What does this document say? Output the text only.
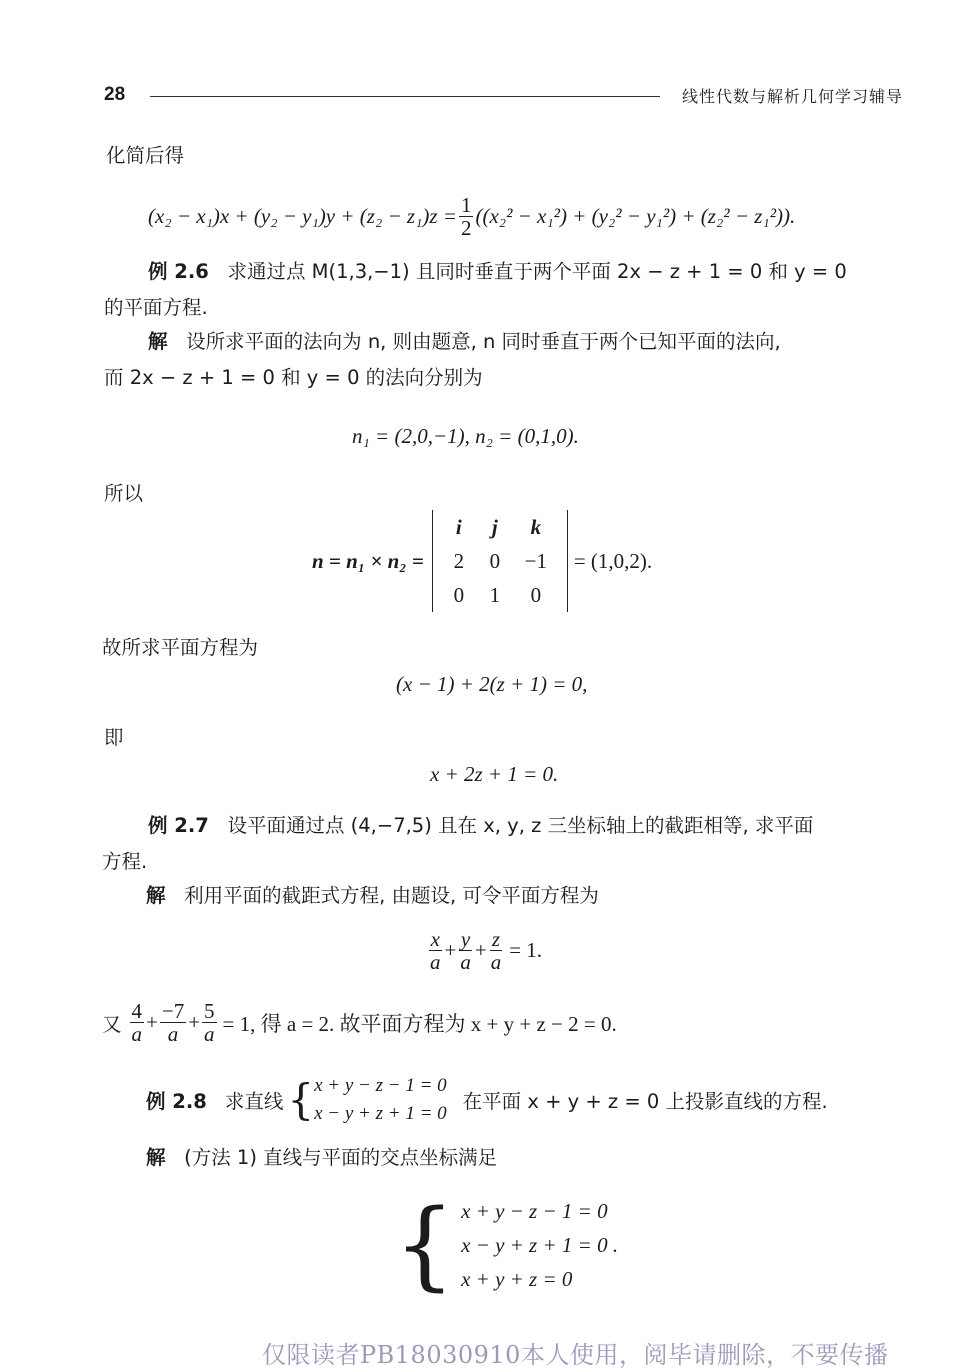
28	线性代数与解析几何学习辅导
化简后得
$(x_2 - x_1)x + (y_2 - y_1)y + (z_2 - z_1)z = \frac{1}{2} ((x_2^2 - x_1^2) + (y_2^2 - y_1^2) + (z_2^2 - z_1^2))$.
例 2.6 求通过点 M(1,3,−1) 且同时垂直于两个平面 2x − z + 1 = 0 和 y = 0
的平面方程.
解 设所求平面的法向为 n, 则由题意, n 同时垂直于两个已知平面的法向,
而 2x − z + 1 = 0 和 y = 0 的法向分别为
n₁ = (2,0,−1), n₂ = (0,1,0).
所以
n = n₁ × n₂ =
i	j	k
2	0	−1
0	1	0
= (1,0,2).
故所求平面方程为
(x − 1) + 2(z + 1) = 0,
即
x + 2z + 1 = 0.
例 2.7 设平面通过点 (4,−7,5) 且在 x, y, z 三坐标轴上的截距相等, 求平面
方程.
解 利用平面的截距式方程, 由题设, 可令平面方程为
$\frac{x}{a} + \frac{y}{a} + \frac{z}{a} = 1$.
又 $\frac{4}{a} + \frac{-7}{a} + \frac{5}{a} = 1$, 得 a = 2. 故平面方程为 x + y + z − 2 = 0.
例 2.8 求直线 { x + y − z − 1 = 0
x − y + z + 1 = 0
在平面 x + y + z = 0 上投影直线的方程.
解 (方法 1) 直线与平面的交点坐标满足
{ x + y − z − 1 = 0
x − y + z + 1 = 0 .
x + y + z = 0
仅限读者PB18030910本人使用，阅毕请删除，不要传播
